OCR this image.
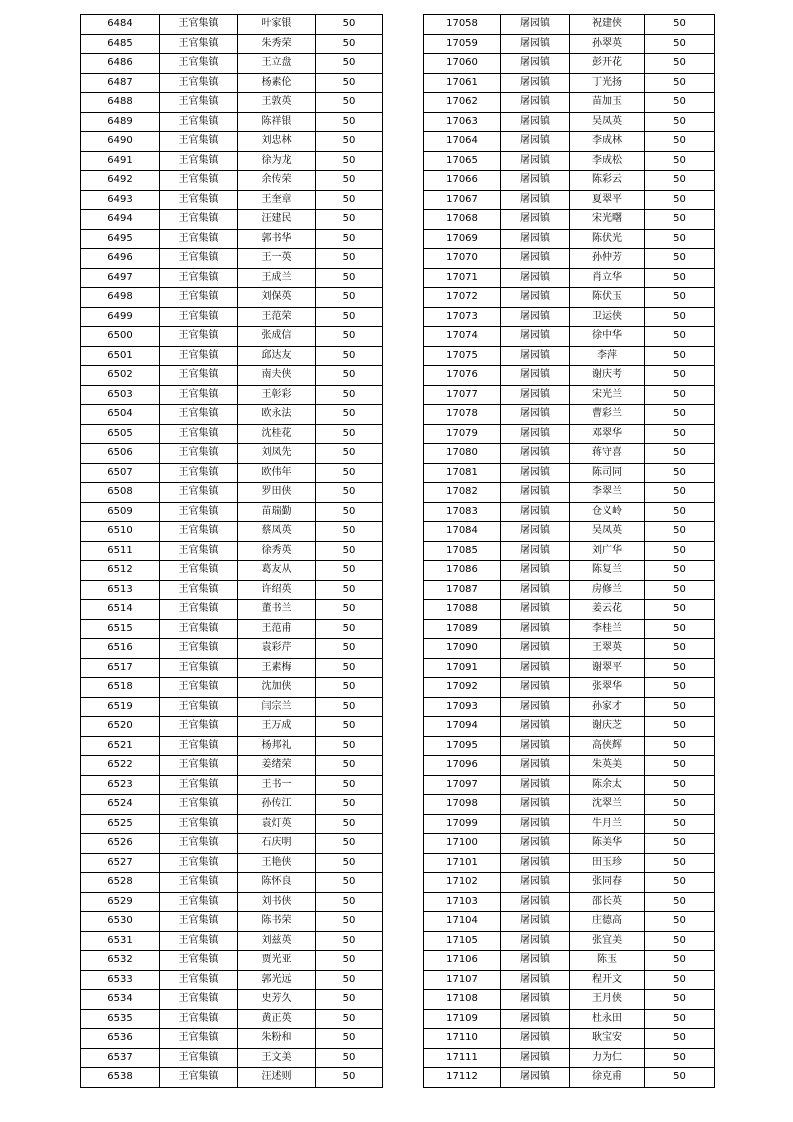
6484	王官集镇	叶家银	50
6485	王官集镇	朱秀荣	50
6486	王官集镇	王立盘	50
6487	王官集镇	杨素伦	50
6488	王官集镇	王敦英	50
6489	王官集镇	陈祥银	50
6490	王官集镇	刘忠林	50
6491	王官集镇	徐为龙	50
6492	王官集镇	余传荣	50
6493	王官集镇	王奎章	50
6494	王官集镇	汪建民	50
6495	王官集镇	郭书华	50
6496	王官集镇	王一英	50
6497	王官集镇	王成兰	50
6498	王官集镇	刘保英	50
6499	王官集镇	王范荣	50
6500	王官集镇	张成信	50
6501	王官集镇	邱达友	50
6502	王官集镇	南夫侠	50
6503	王官集镇	王彰彩	50
6504	王官集镇	欧永法	50
6505	王官集镇	沈桂花	50
6506	王官集镇	刘凤先	50
6507	王官集镇	欧伟年	50
6508	王官集镇	罗田侠	50
6509	王官集镇	苗瑞勤	50
6510	王官集镇	蔡凤英	50
6511	王官集镇	徐秀英	50
6512	王官集镇	葛友从	50
6513	王官集镇	许绍英	50
6514	王官集镇	董书兰	50
6515	王官集镇	王范甫	50
6516	王官集镇	袁彩芹	50
6517	王官集镇	王素梅	50
6518	王官集镇	沈加侠	50
6519	王官集镇	闫宗兰	50
6520	王官集镇	王万成	50
6521	王官集镇	杨邦礼	50
6522	王官集镇	姜绪荣	50
6523	王官集镇	王书一	50
6524	王官集镇	孙传江	50
6525	王官集镇	袁灯英	50
6526	王官集镇	石庆明	50
6527	王官集镇	王艳侠	50
6528	王官集镇	陈怀良	50
6529	王官集镇	刘书侠	50
6530	王官集镇	陈书荣	50
6531	王官集镇	刘兹英	50
6532	王官集镇	贾光亚	50
6533	王官集镇	郭光远	50
6534	王官集镇	史芳久	50
6535	王官集镇	黄正英	50
6536	王官集镇	朱粉和	50
6537	王官集镇	王文美	50
6538	王官集镇	汪述则	50
17058	屠园镇	祝建侠	50
17059	屠园镇	孙翠英	50
17060	屠园镇	彭开花	50
17061	屠园镇	丁光扬	50
17062	屠园镇	苗加玉	50
17063	屠园镇	吴凤英	50
17064	屠园镇	李成林	50
17065	屠园镇	李成松	50
17066	屠园镇	陈彩云	50
17067	屠园镇	夏翠平	50
17068	屠园镇	宋光曙	50
17069	屠园镇	陈伏光	50
17070	屠园镇	孙仲芳	50
17071	屠园镇	肖立华	50
17072	屠园镇	陈伏玉	50
17073	屠园镇	卫运侠	50
17074	屠园镇	徐中华	50
17075	屠园镇	李萍	50
17076	屠园镇	谢庆考	50
17077	屠园镇	宋光兰	50
17078	屠园镇	曹彩兰	50
17079	屠园镇	邓翠华	50
17080	屠园镇	蒋守喜	50
17081	屠园镇	陈司同	50
17082	屠园镇	李翠兰	50
17083	屠园镇	仓义岭	50
17084	屠园镇	吴凤英	50
17085	屠园镇	刘广华	50
17086	屠园镇	陈复兰	50
17087	屠园镇	房修兰	50
17088	屠园镇	姜云花	50
17089	屠园镇	李桂兰	50
17090	屠园镇	王翠英	50
17091	屠园镇	谢翠平	50
17092	屠园镇	张翠华	50
17093	屠园镇	孙家才	50
17094	屠园镇	谢庆芝	50
17095	屠园镇	高侠辉	50
17096	屠园镇	朱英美	50
17097	屠园镇	陈余太	50
17098	屠园镇	沈翠兰	50
17099	屠园镇	牛月兰	50
17100	屠园镇	陈美华	50
17101	屠园镇	田玉珍	50
17102	屠园镇	张同春	50
17103	屠园镇	邵长英	50
17104	屠园镇	庄德高	50
17105	屠园镇	张宜美	50
17106	屠园镇	陈玉	50
17107	屠园镇	程开文	50
17108	屠园镇	王月侠	50
17109	屠园镇	杜永田	50
17110	屠园镇	耿宝安	50
17111	屠园镇	力为仁	50
17112	屠园镇	徐克甫	50
